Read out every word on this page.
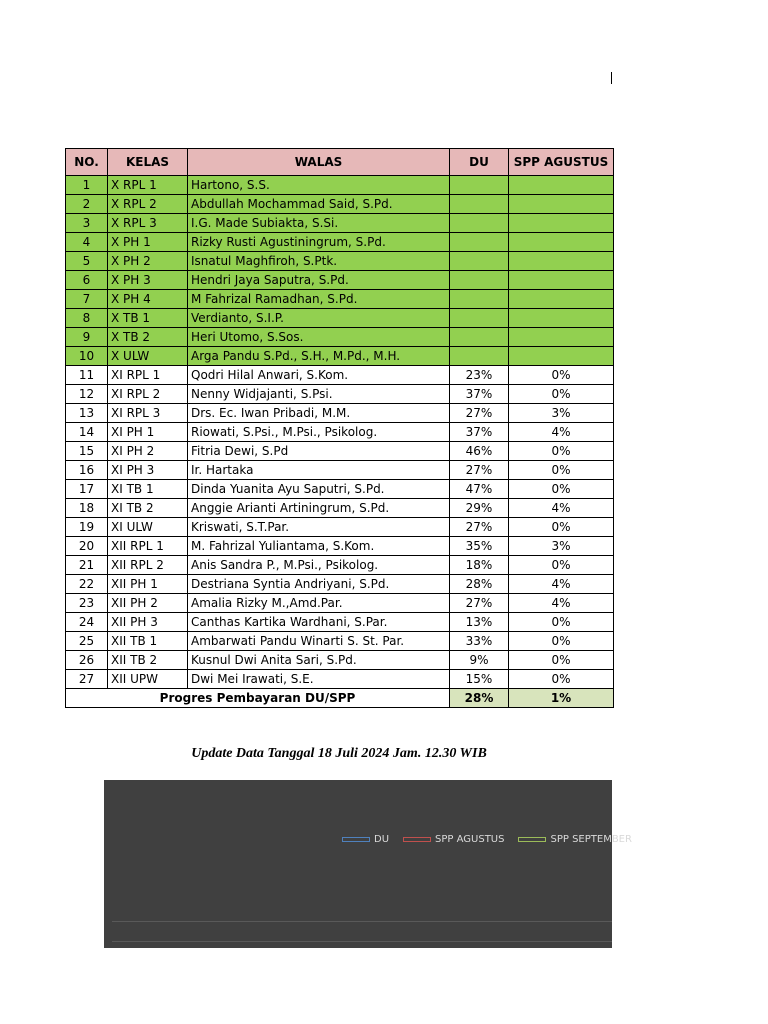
NO.	KELAS	WALAS	DU	SPP AGUSTUS
1	X RPL 1	Hartono, S.S.		
2	X RPL 2	Abdullah Mochammad Said, S.Pd.		
3	X RPL 3	I.G. Made Subiakta, S.Si.		
4	X PH 1	Rizky Rusti Agustiningrum, S.Pd.		
5	X PH 2	Isnatul Maghfiroh, S.Ptk.		
6	X PH 3	Hendri Jaya Saputra, S.Pd.		
7	X PH 4	M Fahrizal Ramadhan, S.Pd.		
8	X TB 1	Verdianto, S.I.P.		
9	X TB 2	Heri Utomo, S.Sos.		
10	X ULW	Arga Pandu S.Pd., S.H., M.Pd., M.H.		
11	XI RPL 1	Qodri Hilal Anwari, S.Kom.	23%	0%
12	XI RPL 2	Nenny Widjajanti, S.Psi.	37%	0%
13	XI RPL 3	Drs. Ec. Iwan Pribadi, M.M.	27%	3%
14	XI PH 1	Riowati, S.Psi., M.Psi., Psikolog.	37%	4%
15	XI PH 2	Fitria Dewi, S.Pd	46%	0%
16	XI PH 3	Ir. Hartaka	27%	0%
17	XI TB 1	Dinda Yuanita Ayu Saputri, S.Pd.	47%	0%
18	XI TB 2	Anggie Arianti Artiningrum, S.Pd.	29%	4%
19	XI ULW	Kriswati, S.T.Par.	27%	0%
20	XII RPL 1	M. Fahrizal Yuliantama, S.Kom.	35%	3%
21	XII RPL 2	Anis Sandra P., M.Psi., Psikolog.	18%	0%
22	XII PH 1	Destriana Syntia Andriyani, S.Pd.	28%	4%
23	XII PH 2	Amalia Rizky M.,Amd.Par.	27%	4%
24	XII PH 3	Canthas Kartika Wardhani, S.Par.	13%	0%
25	XII TB 1	Ambarwati Pandu Winarti S. St. Par.	33%	0%
26	XII TB 2	Kusnul Dwi Anita Sari, S.Pd.	9%	0%
27	XII UPW	Dwi Mei Irawati, S.E.	15%	0%
Progres Pembayaran DU/SPP			28%	1%
Update Data Tanggal 18 Juli 2024 Jam. 12.30 WIB
DU	SPP AGUSTUS	SPP SEPTEMBER
